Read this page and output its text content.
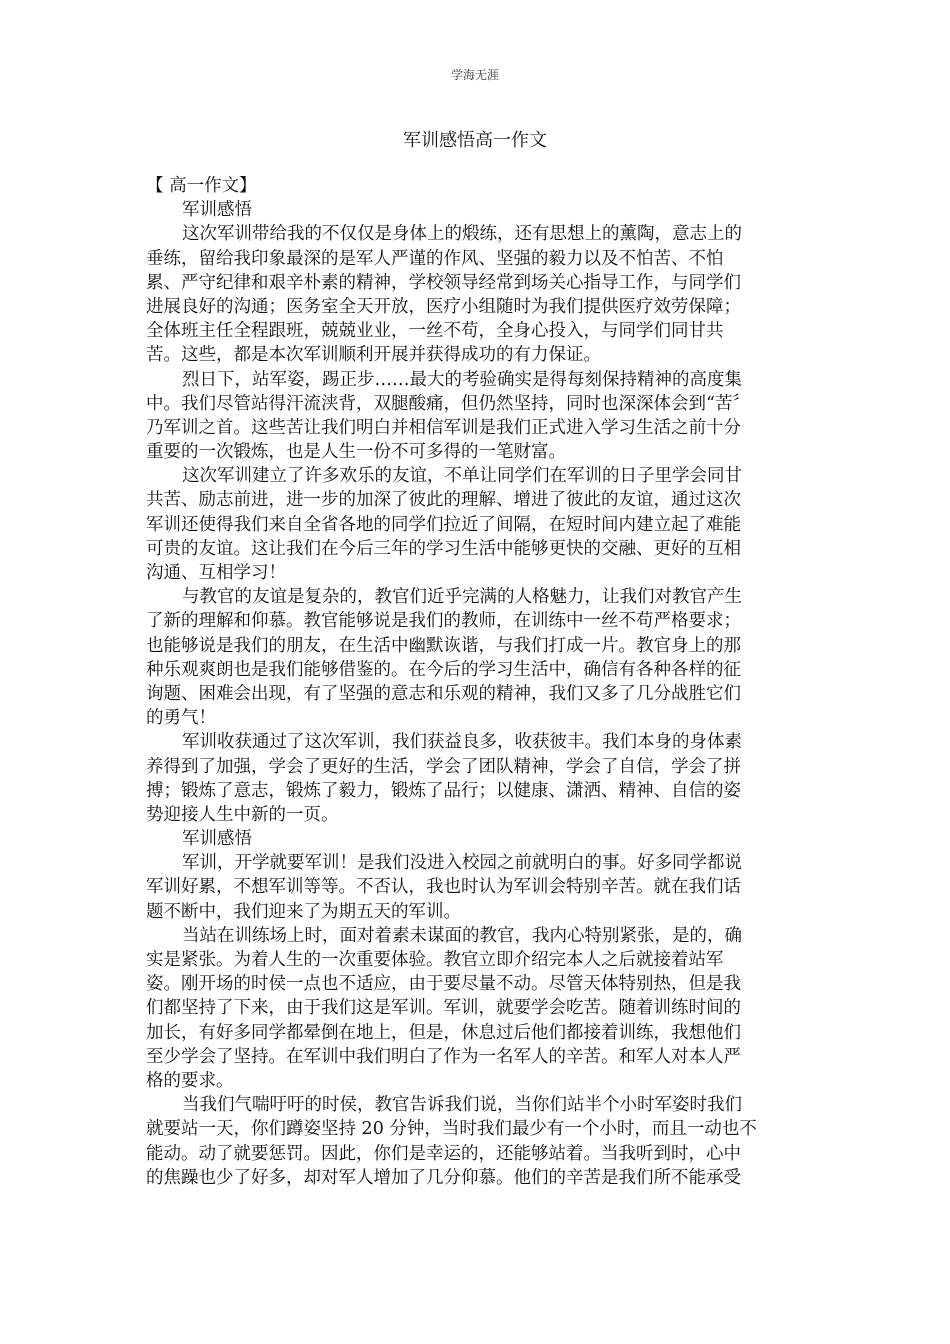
学海无涯
军训感悟高一作文
【 高一作文】
军训感悟
这次军训带给我的不仅仅是身体上的煅练，还有思想上的薰陶，意志上的
垂练，留给我印象最深的是军人严谨的作风、坚强的毅力以及不怕苦、不怕
累、严守纪律和艰辛朴素的精神，学校领导经常到场关心指导工作，与同学们
进展良好的沟通；医务室全天开放，医疗小组随时为我们提供医疗效劳保障；
全体班主任全程跟班，兢兢业业，一丝不苟，全身心投入，与同学们同甘共
苦。这些，都是本次军训顺利开展并获得成功的有力保证。
烈日下，站军姿，踢正步……最大的考验确实是得每刻保持精神的高度集
中。我们尽管站得汗流浃背，双腿酸痛，但仍然坚持，同时也深深体会到“苦〞
乃军训之首。这些苦让我们明白并相信军训是我们正式进入学习生活之前十分
重要的一次锻炼，也是人生一份不可多得的一笔财富。
这次军训建立了许多欢乐的友谊，不单让同学们在军训的日子里学会同甘
共苦、励志前进，进一步的加深了彼此的理解、增进了彼此的友谊，通过这次
军训还使得我们来自全省各地的同学们拉近了间隔，在短时间内建立起了难能
可贵的友谊。这让我们在今后三年的学习生活中能够更快的交融、更好的互相
沟通、互相学习！
与教官的友谊是复杂的，教官们近乎完满的人格魅力，让我们对教官产生
了新的理解和仰慕。教官能够说是我们的教师，在训练中一丝不苟严格要求；
也能够说是我们的朋友，在生活中幽默诙谐，与我们打成一片。教官身上的那
种乐观爽朗也是我们能够借鉴的。在今后的学习生活中，确信有各种各样的征
询题、困难会出现，有了坚强的意志和乐观的精神，我们又多了几分战胜它们
的勇气！
军训收获通过了这次军训，我们获益良多，收获彼丰。我们本身的身体素
养得到了加强，学会了更好的生活，学会了团队精神，学会了自信，学会了拼
搏；锻炼了意志，锻炼了毅力，锻炼了品行；以健康、潇洒、精神、自信的姿
势迎接人生中新的一页。
军训感悟
军训，开学就要军训！是我们没进入校园之前就明白的事。好多同学都说
军训好累，不想军训等等。不否认，我也时认为军训会特别辛苦。就在我们话
题不断中，我们迎来了为期五天的军训。
当站在训练场上时，面对着素未谋面的教官，我内心特别紧张，是的，确
实是紧张。为着人生的一次重要体验。教官立即介绍完本人之后就接着站军
姿。刚开场的时侯一点也不适应，由于要尽量不动。尽管天体特别热，但是我
们都坚持了下来，由于我们这是军训。军训，就要学会吃苦。随着训练时间的
加长，有好多同学都晕倒在地上，但是，休息过后他们都接着训练，我想他们
至少学会了坚持。在军训中我们明白了作为一名军人的辛苦。和军人对本人严
格的要求。
当我们气喘吁吁的时侯，教官告诉我们说，当你们站半个小时军姿时我们
就要站一天，你们蹲姿坚持 20 分钟，当时我们最少有一个小时，而且一动也不
能动。动了就要惩罚。因此，你们是幸运的，还能够站着。当我听到时，心中
的焦躁也少了好多，却对军人增加了几分仰慕。他们的辛苦是我们所不能承受
